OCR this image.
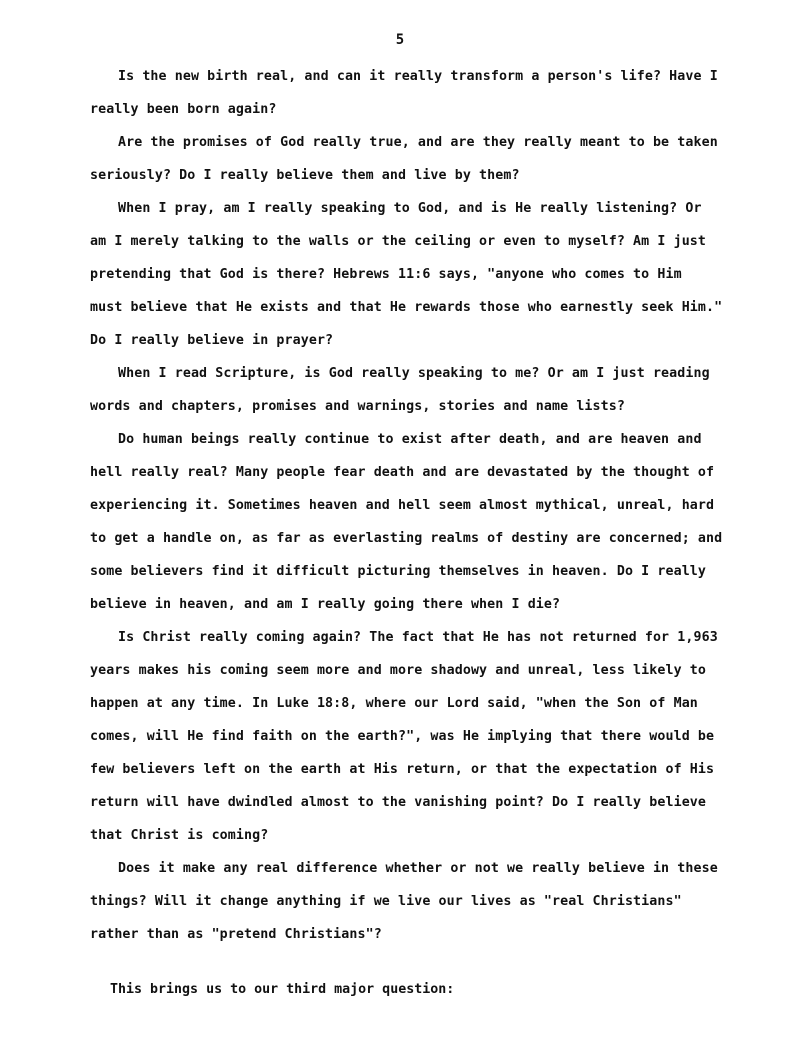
5
Is the new birth real, and can it really transform a person's life? Have I
really been born again?
Are the promises of God really true, and are they really meant to be taken
seriously? Do I really believe them and live by them?
When I pray, am I really speaking to God, and is He really listening? Or
am I merely talking to the walls or the ceiling or even to myself? Am I just
pretending that God is there? Hebrews 11:6 says, "anyone who comes to Him
must believe that He exists and that He rewards those who earnestly seek Him."
Do I really believe in prayer?
When I read Scripture, is God really speaking to me? Or am I just reading
words and chapters, promises and warnings, stories and name lists?
Do human beings really continue to exist after death, and are heaven and
hell really real? Many people fear death and are devastated by the thought of
experiencing it. Sometimes heaven and hell seem almost mythical, unreal, hard
to get a handle on, as far as everlasting realms of destiny are concerned; and
some believers find it difficult picturing themselves in heaven. Do I really
believe in heaven, and am I really going there when I die?
Is Christ really coming again? The fact that He has not returned for 1,963
years makes his coming seem more and more shadowy and unreal, less likely to
happen at any time. In Luke 18:8, where our Lord said, "when the Son of Man
comes, will He find faith on the earth?", was He implying that there would be
few believers left on the earth at His return, or that the expectation of His
return will have dwindled almost to the vanishing point? Do I really believe
that Christ is coming?
Does it make any real difference whether or not we really believe in these
things? Will it change anything if we live our lives as "real Christians"
rather than as "pretend Christians"?
This brings us to our third major question:
